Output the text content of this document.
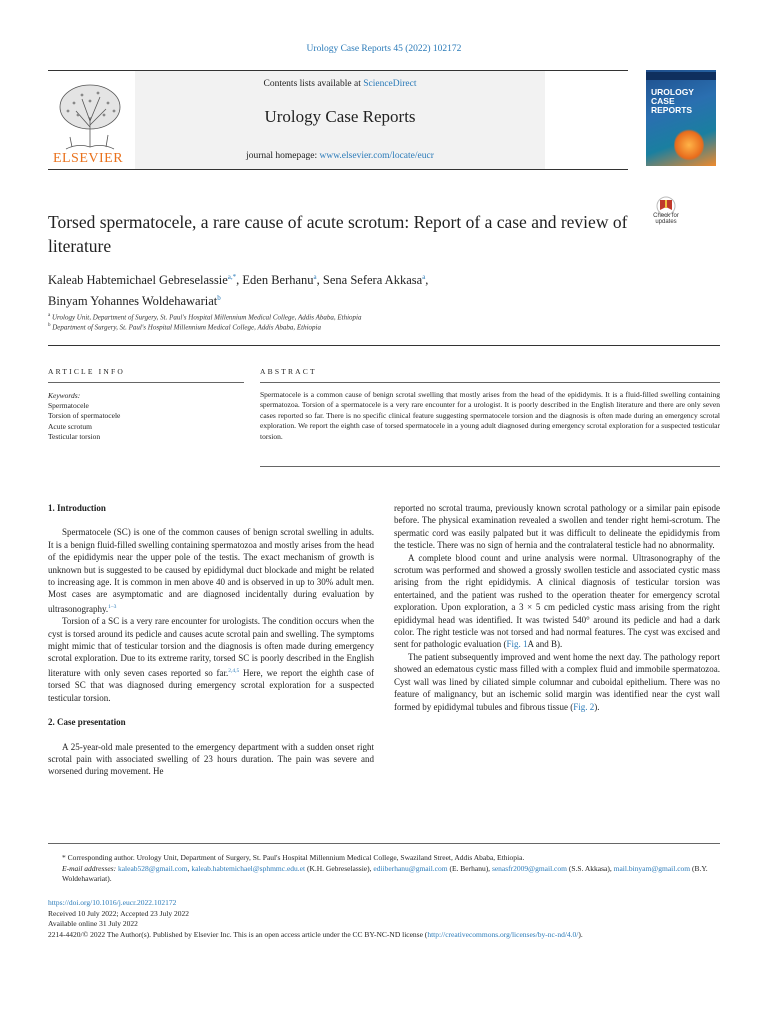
Urology Case Reports 45 (2022) 102172
ELSEVIER
Contents lists available at ScienceDirect
Urology Case Reports
journal homepage: www.elsevier.com/locate/eucr
UROLOGY CASE REPORTS
Check for updates
Torsed spermatocele, a rare cause of acute scrotum: Report of a case and review of literature
Kaleab Habtemichael Gebreselassie$^{a,*}$, Eden Berhanu$^a$, Sena Sefera Akkasa$^a$,
Binyam Yohannes Woldehawariat$^b$
$^a$ Urology Unit, Department of Surgery, St. Paul's Hospital Millennium Medical College, Addis Ababa, Ethiopia
$^b$ Department of Surgery, St. Paul's Hospital Millennium Medical College, Addis Ababa, Ethiopia
ARTICLE INFO	ABSTRACT
Keywords:
Spermatocele
Torsion of spermatocele
Acute scrotum
Testicular torsion
Spermatocele is a common cause of benign scrotal swelling that mostly arises from the head of the epididymis. It is a fluid-filled swelling containing spermatozoa. Torsion of a spermatocele is a very rare encounter for a urologist. It is poorly described in the English literature and there are only seven cases reported so far. There is no specific clinical feature suggesting spermatocele torsion and the diagnosis is often made during an emergency scrotal exploration. We report the eighth case of torsed spermatocele in a young adult diagnosed during emergency scrotal exploration for a suspected testicular torsion.
1. Introduction

Spermatocele (SC) is one of the common causes of benign scrotal swelling in adults. It is a benign fluid-filled swelling containing spermatozoa and mostly arises from the head of the epididymis near the upper pole of the testis. The exact mechanism of growth is unknown but is suggested to be caused by epididymal duct blockade and might be related to increasing age. It is common in men above 40 and is observed in up to 30% adult men. Most cases are asymptomatic and are diagnosed incidentally during evaluation by ultrasonography.$^{1-3}$

Torsion of a SC is a very rare encounter for urologists. The condition occurs when the cyst is torsed around its pedicle and causes acute scrotal pain and swelling. The symptoms might mimic that of testicular torsion and the diagnosis is often made during emergency scrotal exploration. Due to its extreme rarity, torsed SC is poorly described in the English literature with only seven cases reported so far.$^{2,4,5}$ Here, we report the eighth case of torsed SC that was diagnosed during emergency scrotal exploration for a suspected testicular torsion.

2. Case presentation

A 25-year-old male presented to the emergency department with a sudden onset right scrotal pain with associated swelling of 23 hours duration. The pain was severe and worsened during movement. He

reported no scrotal trauma, previously known scrotal pathology or a similar pain episode before. The physical examination revealed a swollen and tender right hemi-scrotum. The spermatic cord was easily palpated but it was difficult to delineate the epididymis from the testicle. There was no sign of hernia and the contralateral testicle had no abnormality.

A complete blood count and urine analysis were normal. Ultrasonography of the scrotum was performed and showed a grossly swollen testicle and associated cystic mass arising from the right epididymis. A clinical diagnosis of testicular torsion was entertained, and the patient was rushed to the operation theater for emergency scrotal exploration. Upon exploration, a 3 × 5 cm pedicled cystic mass arising from the right epididymal head was identified. It was twisted 540° around its pedicle and had a dark color. The right testicle was not torsed and had normal features. The cyst was excised and sent for pathologic evaluation (Fig. 1A and B).

The patient subsequently improved and went home the next day. The pathology report showed an edematous cystic mass filled with a complex fluid and immobile spermatozoa. Cyst wall was lined by ciliated simple columnar and cuboidal epithelium. There was no feature of malignancy, but an ischemic solid margin was identified near the cyst wall formed by epididymal tubules and fibrous tissue (Fig. 2).

* Corresponding author. Urology Unit, Department of Surgery, St. Paul's Hospital Millennium Medical College, Swaziland Street, Addis Ababa, Ethiopia.
E-mail addresses: kaleab528@gmail.com, kaleab.habtemichael@sphmmc.edu.et (K.H. Gebreselassie), ediiberhanu@gmail.com (E. Berhanu), senasfr2009@gmail.com (S.S. Akkasa), mail.binyam@gmail.com (B.Y. Woldehawariat).
https://doi.org/10.1016/j.eucr.2022.102172
Received 10 July 2022; Accepted 23 July 2022
Available online 31 July 2022
2214-4420/© 2022 The Author(s). Published by Elsevier Inc. This is an open access article under the CC BY-NC-ND license (http://creativecommons.org/licenses/by-nc-nd/4.0/).
